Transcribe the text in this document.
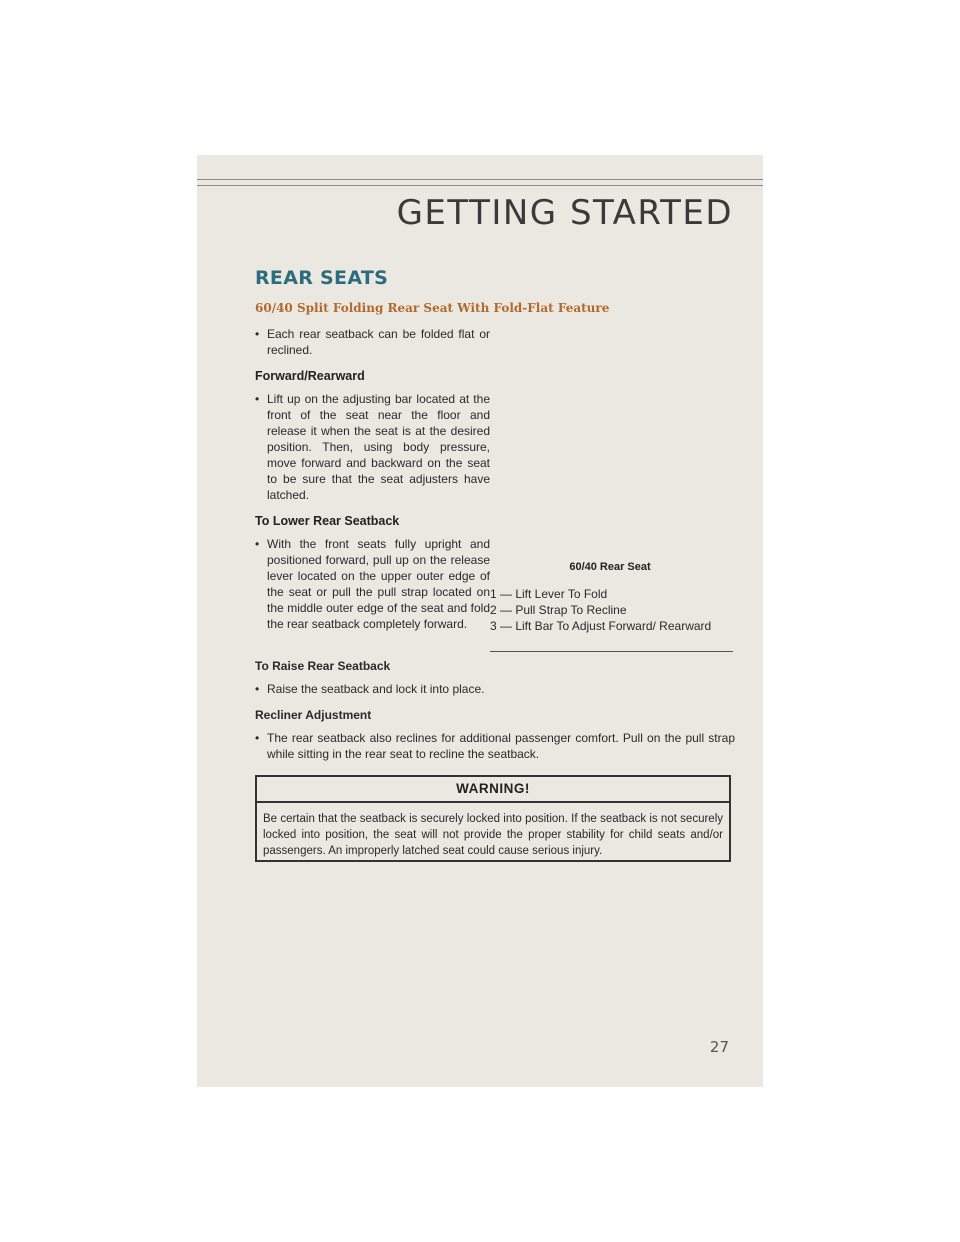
GETTING STARTED
REAR SEATS
60/40 Split Folding Rear Seat With Fold-Flat Feature
• Each rear seatback can be folded flat or reclined.
Forward/Rearward
• Lift up on the adjusting bar located at the front of the seat near the floor and release it when the seat is at the desired position. Then, using body pressure, move forward and backward on the seat to be sure that the seat adjusters have latched.
To Lower Rear Seatback
• With the front seats fully upright and positioned forward, pull up on the release lever located on the upper outer edge of the seat or pull the pull strap located on the middle outer edge of the seat and fold the rear seatback completely forward.
60/40 Rear Seat
1 — Lift Lever To Fold
2 — Pull Strap To Recline
3 — Lift Bar To Adjust Forward/ Rearward
To Raise Rear Seatback
• Raise the seatback and lock it into place.
Recliner Adjustment
• The rear seatback also reclines for additional passenger comfort. Pull on the pull strap while sitting in the rear seat to recline the seatback.
WARNING!
Be certain that the seatback is securely locked into position. If the seatback is not securely locked into position, the seat will not provide the proper stability for child seats and/or passengers. An improperly latched seat could cause serious injury.
27
